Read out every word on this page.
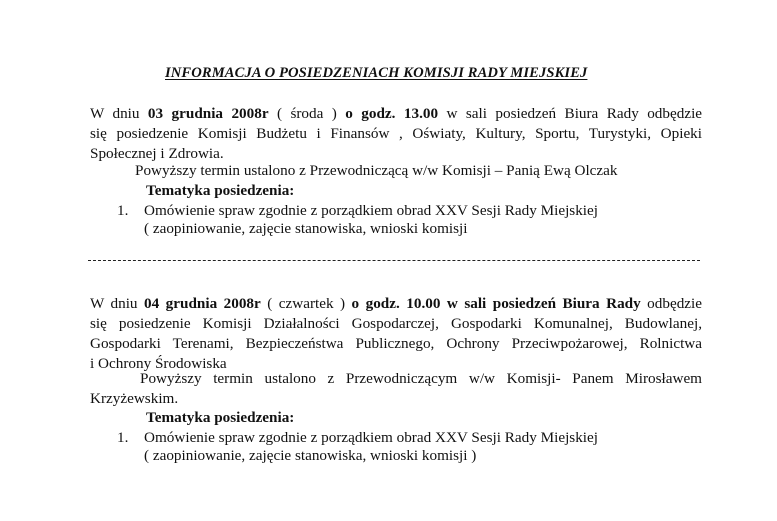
INFORMACJA O POSIEDZENIACH KOMISJI RADY MIEJSKIEJ
W dniu 03 grudnia 2008r ( środa ) o godz. 13.00 w sali posiedzeń Biura Rady odbędzie
się posiedzenie Komisji Budżetu i Finansów , Oświaty, Kultury, Sportu, Turystyki, Opieki
Społecznej i Zdrowia.
Powyższy termin ustalono z Przewodniczącą w/w Komisji – Panią Ewą Olczak
Tematyka posiedzenia:
1. Omówienie spraw zgodnie z porządkiem obrad XXV Sesji Rady Miejskiej
( zaopiniowanie, zajęcie stanowiska, wnioski komisji
W dniu 04 grudnia 2008r ( czwartek ) o godz. 10.00 w sali posiedzeń Biura Rady odbędzie
się posiedzenie Komisji Działalności Gospodarczej, Gospodarki Komunalnej, Budowlanej,
Gospodarki Terenami, Bezpieczeństwa Publicznego, Ochrony Przeciwpożarowej, Rolnictwa
i Ochrony Środowiska
Powyższy termin ustalono z Przewodniczącym w/w Komisji- Panem Mirosławem
Krzyżewskim.
Tematyka posiedzenia:
1. Omówienie spraw zgodnie z porządkiem obrad XXV Sesji Rady Miejskiej
( zaopiniowanie, zajęcie stanowiska, wnioski komisji )
